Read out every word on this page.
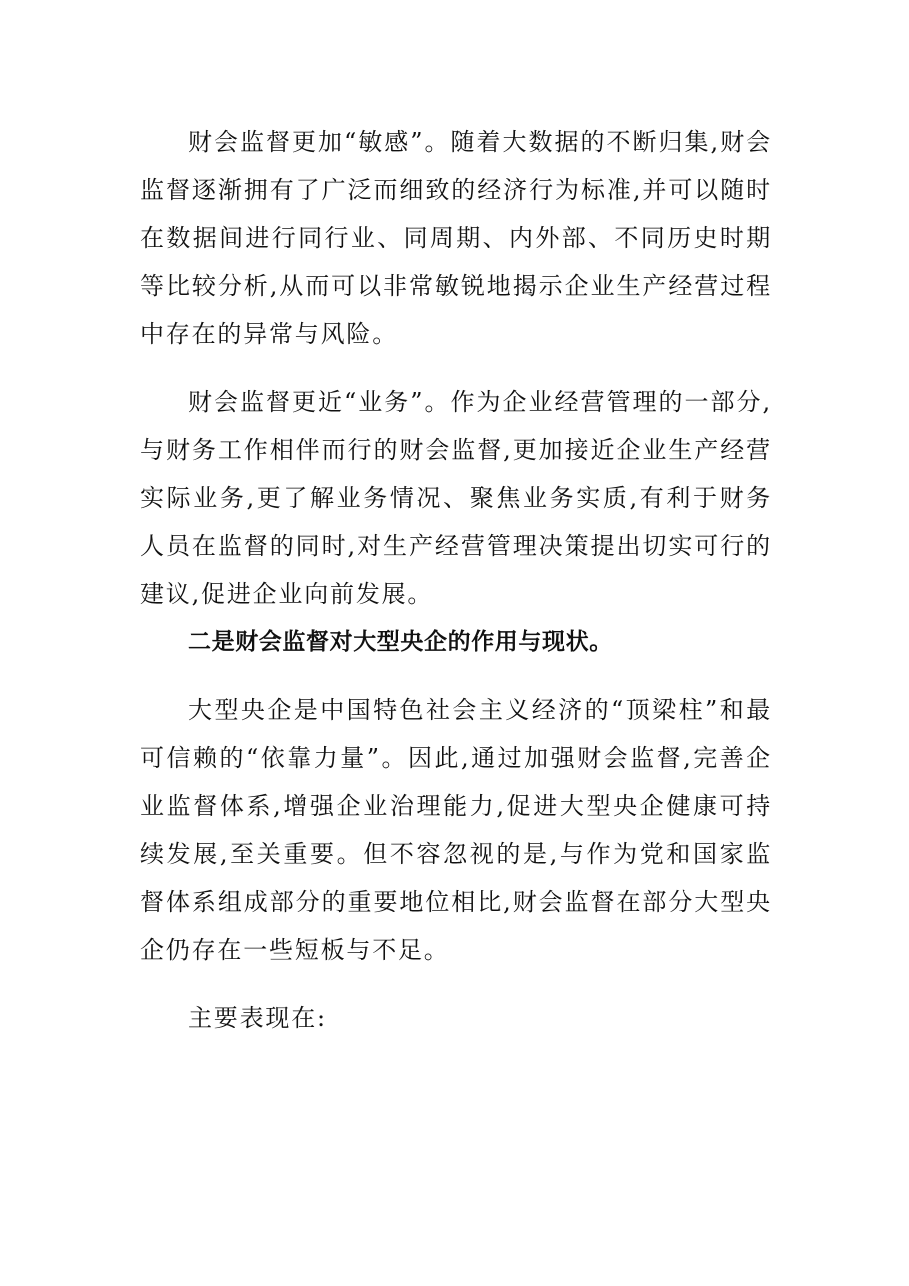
财会监督更加“敏感”。随着大数据的不断归集,财会监督逐渐拥有了广泛而细致的经济行为标准,并可以随时在数据间进行同行业、同周期、内外部、不同历史时期等比较分析,从而可以非常敏锐地揭示企业生产经营过程中存在的异常与风险。

财会监督更近“业务”。作为企业经营管理的一部分,与财务工作相伴而行的财会监督,更加接近企业生产经营实际业务,更了解业务情况、聚焦业务实质,有利于财务人员在监督的同时,对生产经营管理决策提出切实可行的建议,促进企业向前发展。

二是财会监督对大型央企的作用与现状。

大型央企是中国特色社会主义经济的“顶梁柱”和最可信赖的“依靠力量”。因此,通过加强财会监督,完善企业监督体系,增强企业治理能力,促进大型央企健康可持续发展,至关重要。但不容忽视的是,与作为党和国家监督体系组成部分的重要地位相比,财会监督在部分大型央企仍存在一些短板与不足。

主要表现在:
